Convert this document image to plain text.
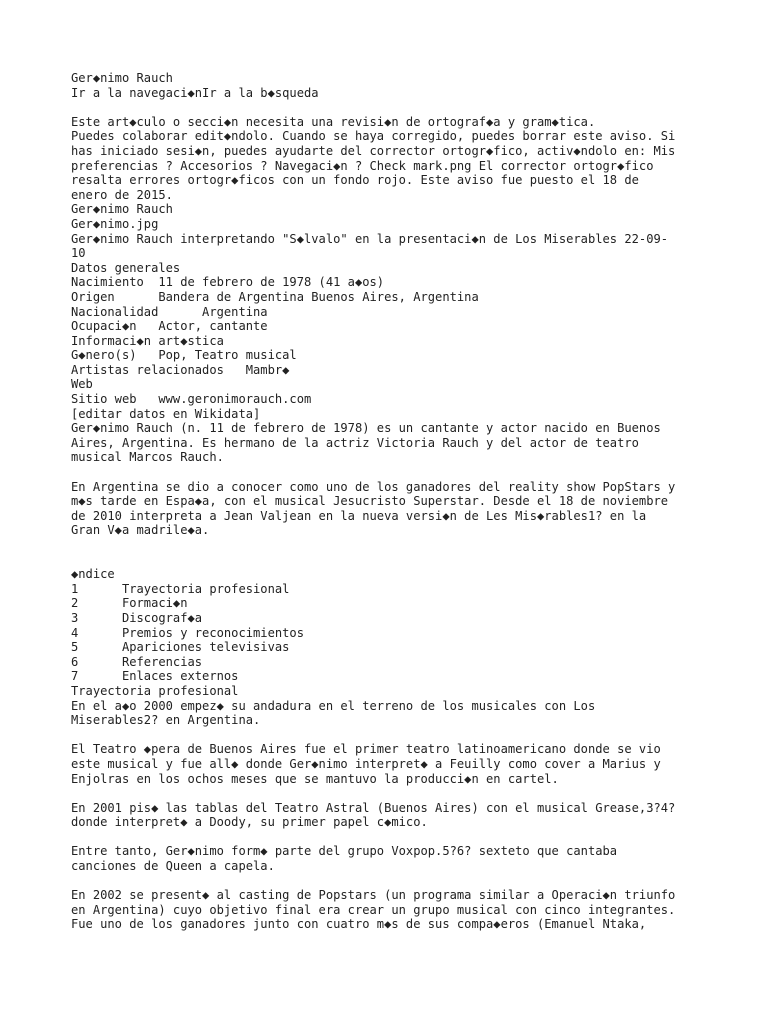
Ger◆nimo Rauch
Ir a la navegaci◆nIr a la b◆squeda
Este art◆culo o secci◆n necesita una revisi◆n de ortograf◆a y gram◆tica.
Puedes colaborar edit◆ndolo. Cuando se haya corregido, puedes borrar este aviso. Si
has iniciado sesi◆n, puedes ayudarte del corrector ortogr◆fico, activ◆ndolo en: Mis
preferencias ? Accesorios ? Navegaci◆n ? Check mark.png El corrector ortogr◆fico
resalta errores ortogr◆ficos con un fondo rojo. Este aviso fue puesto el 18 de
enero de 2015.
Ger◆nimo Rauch
Ger◆nimo.jpg
Ger◆nimo Rauch interpretando "S◆lvalo" en la presentaci◆n de Los Miserables 22-09-
10
Datos generales
Nacimiento  11 de febrero de 1978 (41 a◆os)
Origen      Bandera de Argentina Buenos Aires, Argentina
Nacionalidad      Argentina
Ocupaci◆n   Actor, cantante
Informaci◆n art◆stica
G◆nero(s)   Pop, Teatro musical
Artistas relacionados   Mambr◆
Web
Sitio web   www.geronimorauch.com
[editar datos en Wikidata]
Ger◆nimo Rauch (n. 11 de febrero de 1978) es un cantante y actor nacido en Buenos
Aires, Argentina. Es hermano de la actriz Victoria Rauch y del actor de teatro
musical Marcos Rauch.
En Argentina se dio a conocer como uno de los ganadores del reality show PopStars y
m◆s tarde en Espa◆a, con el musical Jesucristo Superstar. Desde el 18 de noviembre
de 2010 interpreta a Jean Valjean en la nueva versi◆n de Les Mis◆rables1? en la
Gran V◆a madrile◆a.
◆ndice
1      Trayectoria profesional
2      Formaci◆n
3      Discograf◆a
4      Premios y reconocimientos
5      Apariciones televisivas
6      Referencias
7      Enlaces externos
Trayectoria profesional
En el a◆o 2000 empez◆ su andadura en el terreno de los musicales con Los
Miserables2? en Argentina.
El Teatro ◆pera de Buenos Aires fue el primer teatro latinoamericano donde se vio
este musical y fue all◆ donde Ger◆nimo interpret◆ a Feuilly como cover a Marius y
Enjolras en los ochos meses que se mantuvo la producci◆n en cartel.
En 2001 pis◆ las tablas del Teatro Astral (Buenos Aires) con el musical Grease,3?4?
donde interpret◆ a Doody, su primer papel c◆mico.
Entre tanto, Ger◆nimo form◆ parte del grupo Voxpop.5?6? sexteto que cantaba
canciones de Queen a capela.
En 2002 se present◆ al casting de Popstars (un programa similar a Operaci◆n triunfo
en Argentina) cuyo objetivo final era crear un grupo musical con cinco integrantes.
Fue uno de los ganadores junto con cuatro m◆s de sus compa◆eros (Emanuel Ntaka,
